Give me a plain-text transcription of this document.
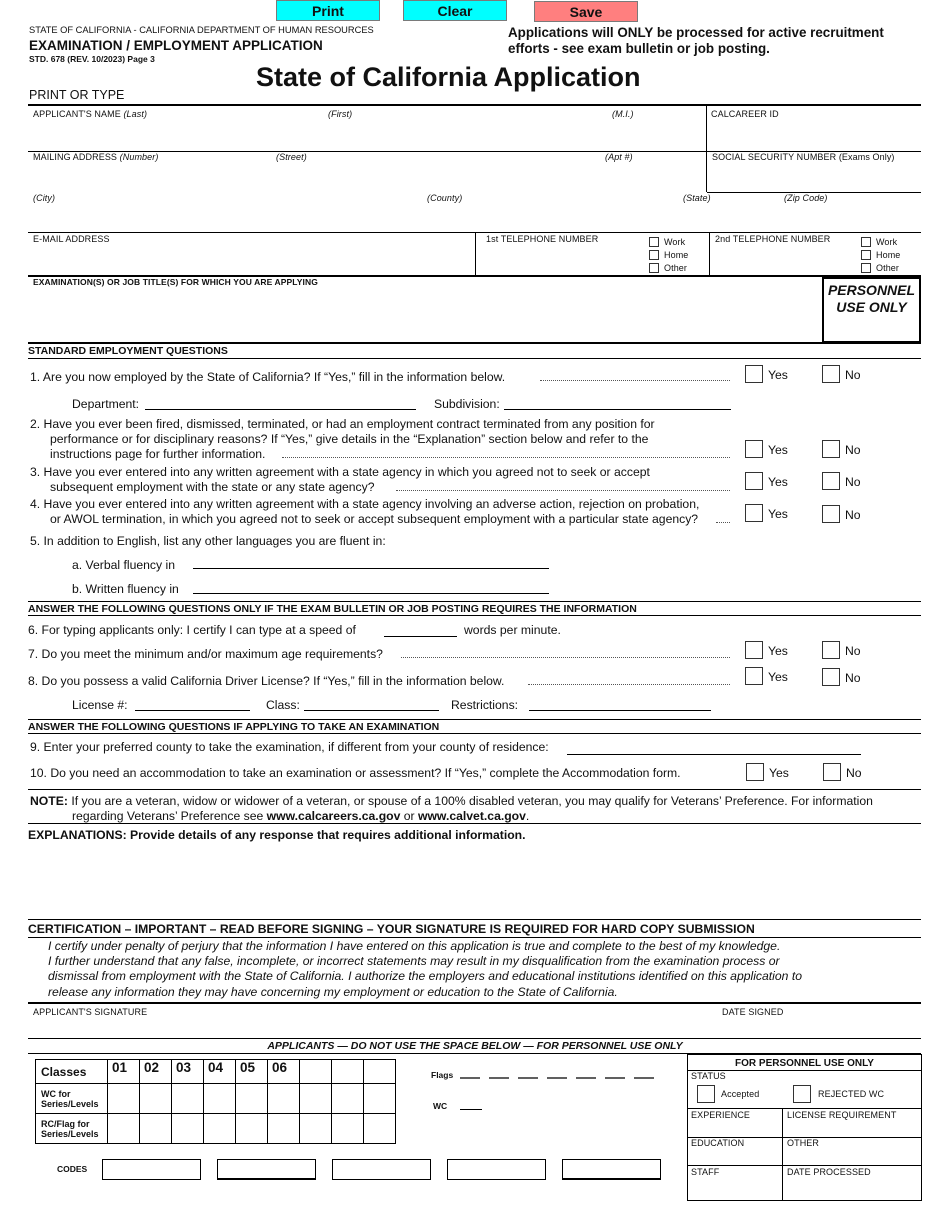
Print	Clear	Save
STATE OF CALIFORNIA - CALIFORNIA DEPARTMENT OF HUMAN RESOURCES
EXAMINATION / EMPLOYMENT APPLICATION
STD. 678 (REV. 10/2023) Page 3
Applications will ONLY be processed for active recruitment efforts - see exam bulletin or job posting.
State of California Application
PRINT OR TYPE
APPLICANT'S NAME (Last)	(First)	(M.I.)	CALCAREER ID
MAILING ADDRESS (Number)	(Street)	(Apt #)	SOCIAL SECURITY NUMBER (Exams Only)
(City)	(County)	(State)	(Zip Code)
E-MAIL ADDRESS	1st TELEPHONE NUMBER	Work
Home
Other
2nd TELEPHONE NUMBER	Work
Home
Other
EXAMINATION(S) OR JOB TITLE(S) FOR WHICH YOU ARE APPLYING	PERSONNEL
USE ONLY
STANDARD EMPLOYMENT QUESTIONS
1. Are you now employed by the State of California? If “Yes,” fill in the information below.	Yes	No
Department:	Subdivision:
2. Have you ever been fired, dismissed, terminated, or had an employment contract terminated from any position for
performance or for disciplinary reasons? If “Yes,” give details in the “Explanation” section below and refer to the
instructions page for further information.	Yes	No
3. Have you ever entered into any written agreement with a state agency in which you agreed not to seek or accept
subsequent employment with the state or any state agency?	Yes	No
4. Have you ever entered into any written agreement with a state agency involving an adverse action, rejection on probation,
or AWOL termination, in which you agreed not to seek or accept subsequent employment with a particular state agency?	Yes	No
5. In addition to English, list any other languages you are fluent in:
a. Verbal fluency in
b. Written fluency in
ANSWER THE FOLLOWING QUESTIONS ONLY IF THE EXAM BULLETIN OR JOB POSTING REQUIRES THE INFORMATION
6. For typing applicants only: I certify I can type at a speed of	words per minute.
7. Do you meet the minimum and/or maximum age requirements?	Yes	No
8. Do you possess a valid California Driver License? If “Yes,” fill in the information below.	Yes	No
License #:	Class:	Restrictions:
ANSWER THE FOLLOWING QUESTIONS IF APPLYING TO TAKE AN EXAMINATION
9. Enter your preferred county to take the examination, if different from your county of residence:
10. Do you need an accommodation to take an examination or assessment? If “Yes,” complete the Accommodation form.	Yes	No
NOTE: If you are a veteran, widow or widower of a veteran, or spouse of a 100% disabled veteran, you may qualify for Veterans’ Preference. For information
regarding Veterans’ Preference see www.calcareers.ca.gov or www.calvet.ca.gov.
EXPLANATIONS: Provide details of any response that requires additional information.
CERTIFICATION – IMPORTANT – READ BEFORE SIGNING – YOUR SIGNATURE IS REQUIRED FOR HARD COPY SUBMISSION
I certify under penalty of perjury that the information I have entered on this application is true and complete to the best of my knowledge.
I further understand that any false, incomplete, or incorrect statements may result in my disqualification from the examination process or
dismissal from employment with the State of California. I authorize the employers and educational institutions identified on this application to
release any information they may have concerning my employment or education to the State of California.
APPLICANT'S SIGNATURE	DATE SIGNED
APPLICANTS — DO NOT USE THE SPACE BELOW — FOR PERSONNEL USE ONLY
Classes	01	02	03	04	05	06			
WC for Series/Levels									
RC/Flag for Series/Levels									
Flags
WC
CODES
FOR PERSONNEL USE ONLY
STATUS
Accepted	REJECTED WC
EXPERIENCE	LICENSE REQUIREMENT
EDUCATION	OTHER
STAFF	DATE PROCESSED
